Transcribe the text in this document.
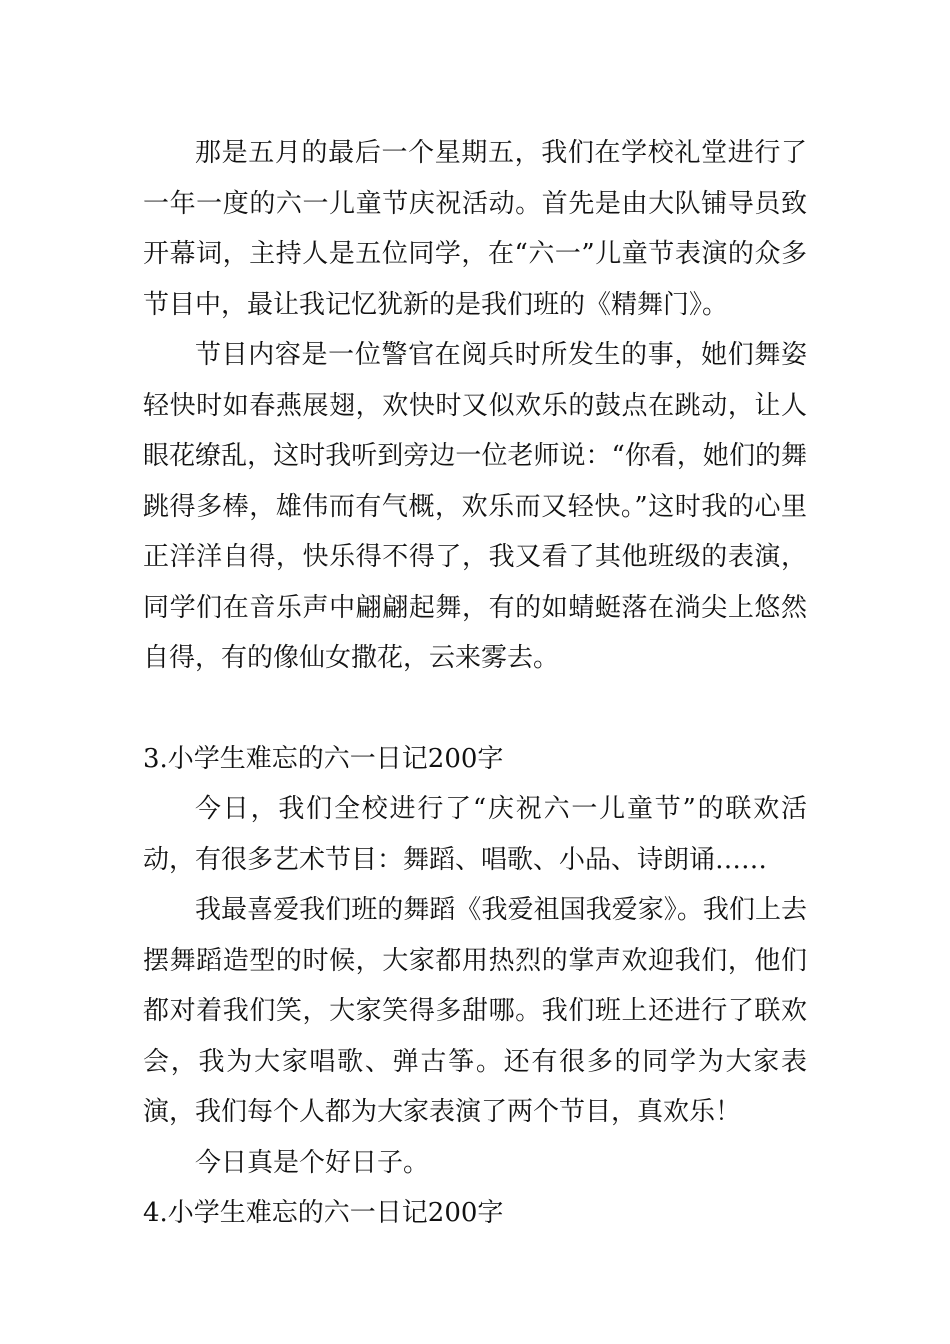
那是五月的最后一个星期五，我们在学校礼堂进行了一年一度的六一儿童节庆祝活动。首先是由大队铺导员致开幕词，主持人是五位同学，在“六一”儿童节表演的众多节目中，最让我记忆犹新的是我们班的《精舞门》。

节目内容是一位警官在阅兵时所发生的事，她们舞姿轻快时如春燕展翅，欢快时又似欢乐的鼓点在跳动，让人眼花缭乱，这时我听到旁边一位老师说：“你看，她们的舞跳得多棒，雄伟而有气概，欢乐而又轻快。”这时我的心里正洋洋自得，快乐得不得了，我又看了其他班级的表演，同学们在音乐声中翩翩起舞，有的如蜻蜓落在淌尖上悠然自得，有的像仙女撒花，云来雾去。

3.小学生难忘的六一日记200字

今日，我们全校进行了“庆祝六一儿童节”的联欢活动，有很多艺术节目：舞蹈、唱歌、小品、诗朗诵……

我最喜爱我们班的舞蹈《我爱祖国我爱家》。我们上去摆舞蹈造型的时候，大家都用热烈的掌声欢迎我们，他们都对着我们笑，大家笑得多甜哪。我们班上还进行了联欢会，我为大家唱歌、弹古筝。还有很多的同学为大家表演，我们每个人都为大家表演了两个节目，真欢乐！

今日真是个好日子。

4.小学生难忘的六一日记200字
